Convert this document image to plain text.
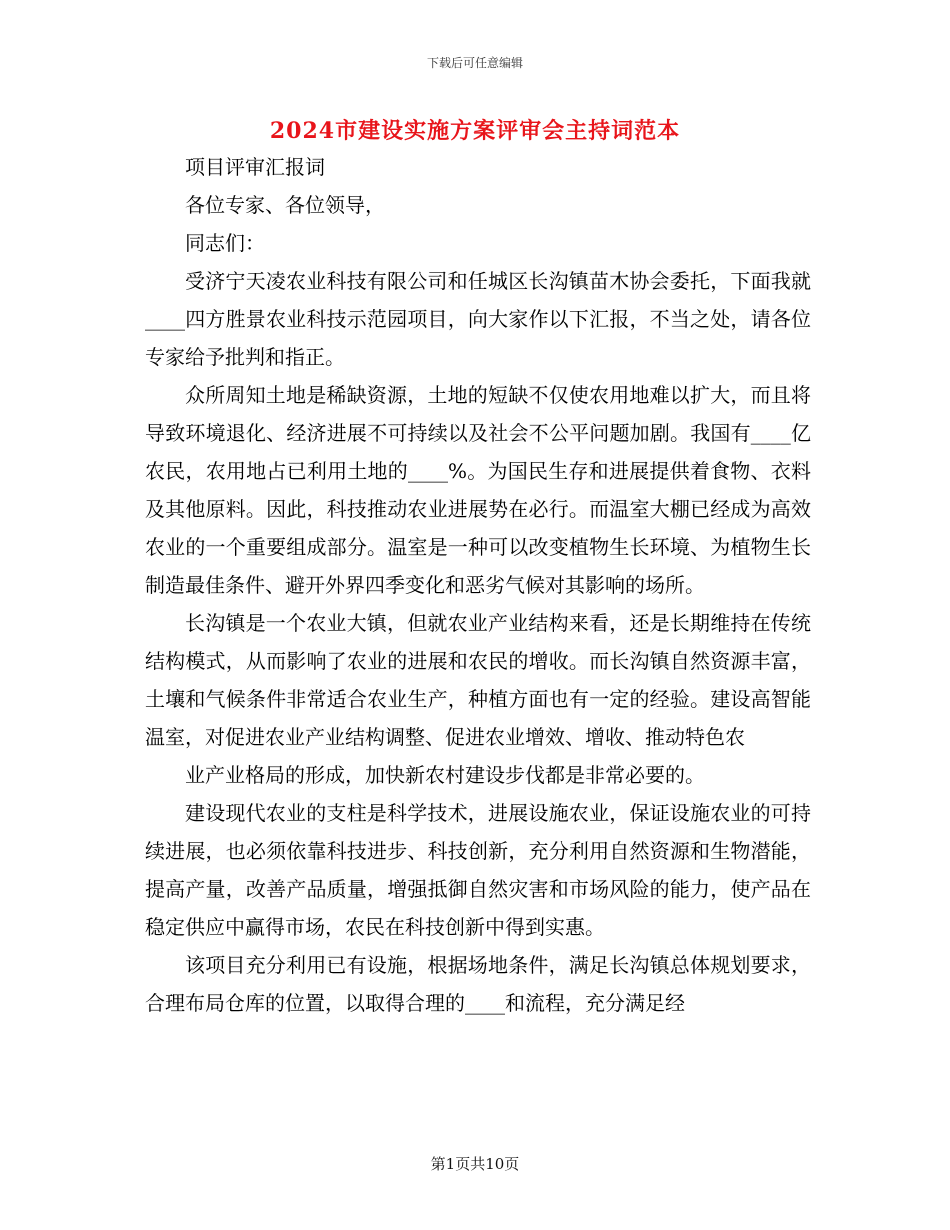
下载后可任意编辑
2024市建设实施方案评审会主持词范本

项目评审汇报词

各位专家、各位领导，

同志们：

受济宁天凌农业科技有限公司和任城区长沟镇苗木协会委托，下面我就____四方胜景农业科技示范园项目，向大家作以下汇报，不当之处，请各位专家给予批判和指正。

众所周知土地是稀缺资源，土地的短缺不仅使农用地难以扩大，而且将导致环境退化、经济进展不可持续以及社会不公平问题加剧。我国有____亿农民，农用地占已利用土地的____%。为国民生存和进展提供着食物、衣料及其他原料。因此，科技推动农业进展势在必行。而温室大棚已经成为高效农业的一个重要组成部分。温室是一种可以改变植物生长环境、为植物生长制造最佳条件、避开外界四季变化和恶劣气候对其影响的场所。

长沟镇是一个农业大镇，但就农业产业结构来看，还是长期维持在传统结构模式，从而影响了农业的进展和农民的增收。而长沟镇自然资源丰富，土壤和气候条件非常适合农业生产，种植方面也有一定的经验。建设高智能温室，对促进农业产业结构调整、促进农业增效、增收、推动特色农

业产业格局的形成，加快新农村建设步伐都是非常必要的。

建设现代农业的支柱是科学技术，进展设施农业，保证设施农业的可持续进展，也必须依靠科技进步、科技创新，充分利用自然资源和生物潜能，提高产量，改善产品质量，增强抵御自然灾害和市场风险的能力，使产品在稳定供应中赢得市场，农民在科技创新中得到实惠。

该项目充分利用已有设施，根据场地条件，满足长沟镇总体规划要求，合理布局仓库的位置，以取得合理的____和流程，充分满足经

第1页共10页
